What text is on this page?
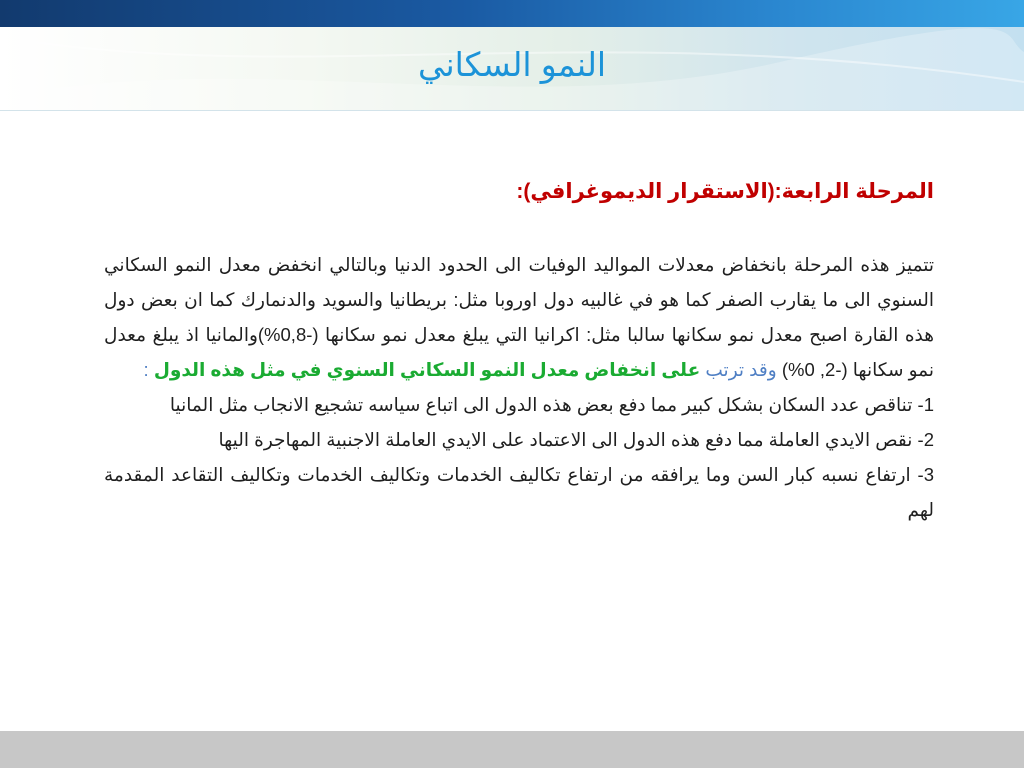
النمو السكاني

المرحلة الرابعة:(الاستقرار الديموغرافي):

تتميز هذه المرحلة بانخفاض معدلات المواليد الوفيات الى الحدود الدنيا وبالتالي انخفض معدل النمو السكاني السنوي الى ما يقارب الصفر كما هو في غالبيه دول اوروبا مثل: بريطانيا والسويد والدنمارك كما ان بعض دول هذه القارة اصبح معدل نمو سكانها سالبا مثل: اكرانيا التي يبلغ معدل نمو سكانها (-0,8%)والمانيا اذ يبلغ معدل نمو سكانها (-2, 0%) وقد ترتب على انخفاض معدل النمو السكاني السنوي في مثل هذه الدول :

1- تناقص عدد السكان بشكل كبير مما دفع بعض هذه الدول الى اتباع سياسه تشجيع الانجاب مثل المانيا

2- نقص الايدي العاملة مما دفع هذه الدول الى الاعتماد على الايدي العاملة الاجنبية المهاجرة اليها

3- ارتفاع نسبه كبار السن وما يرافقه من ارتفاع تكاليف الخدمات وتكاليف الخدمات وتكاليف التقاعد المقدمة لهم
